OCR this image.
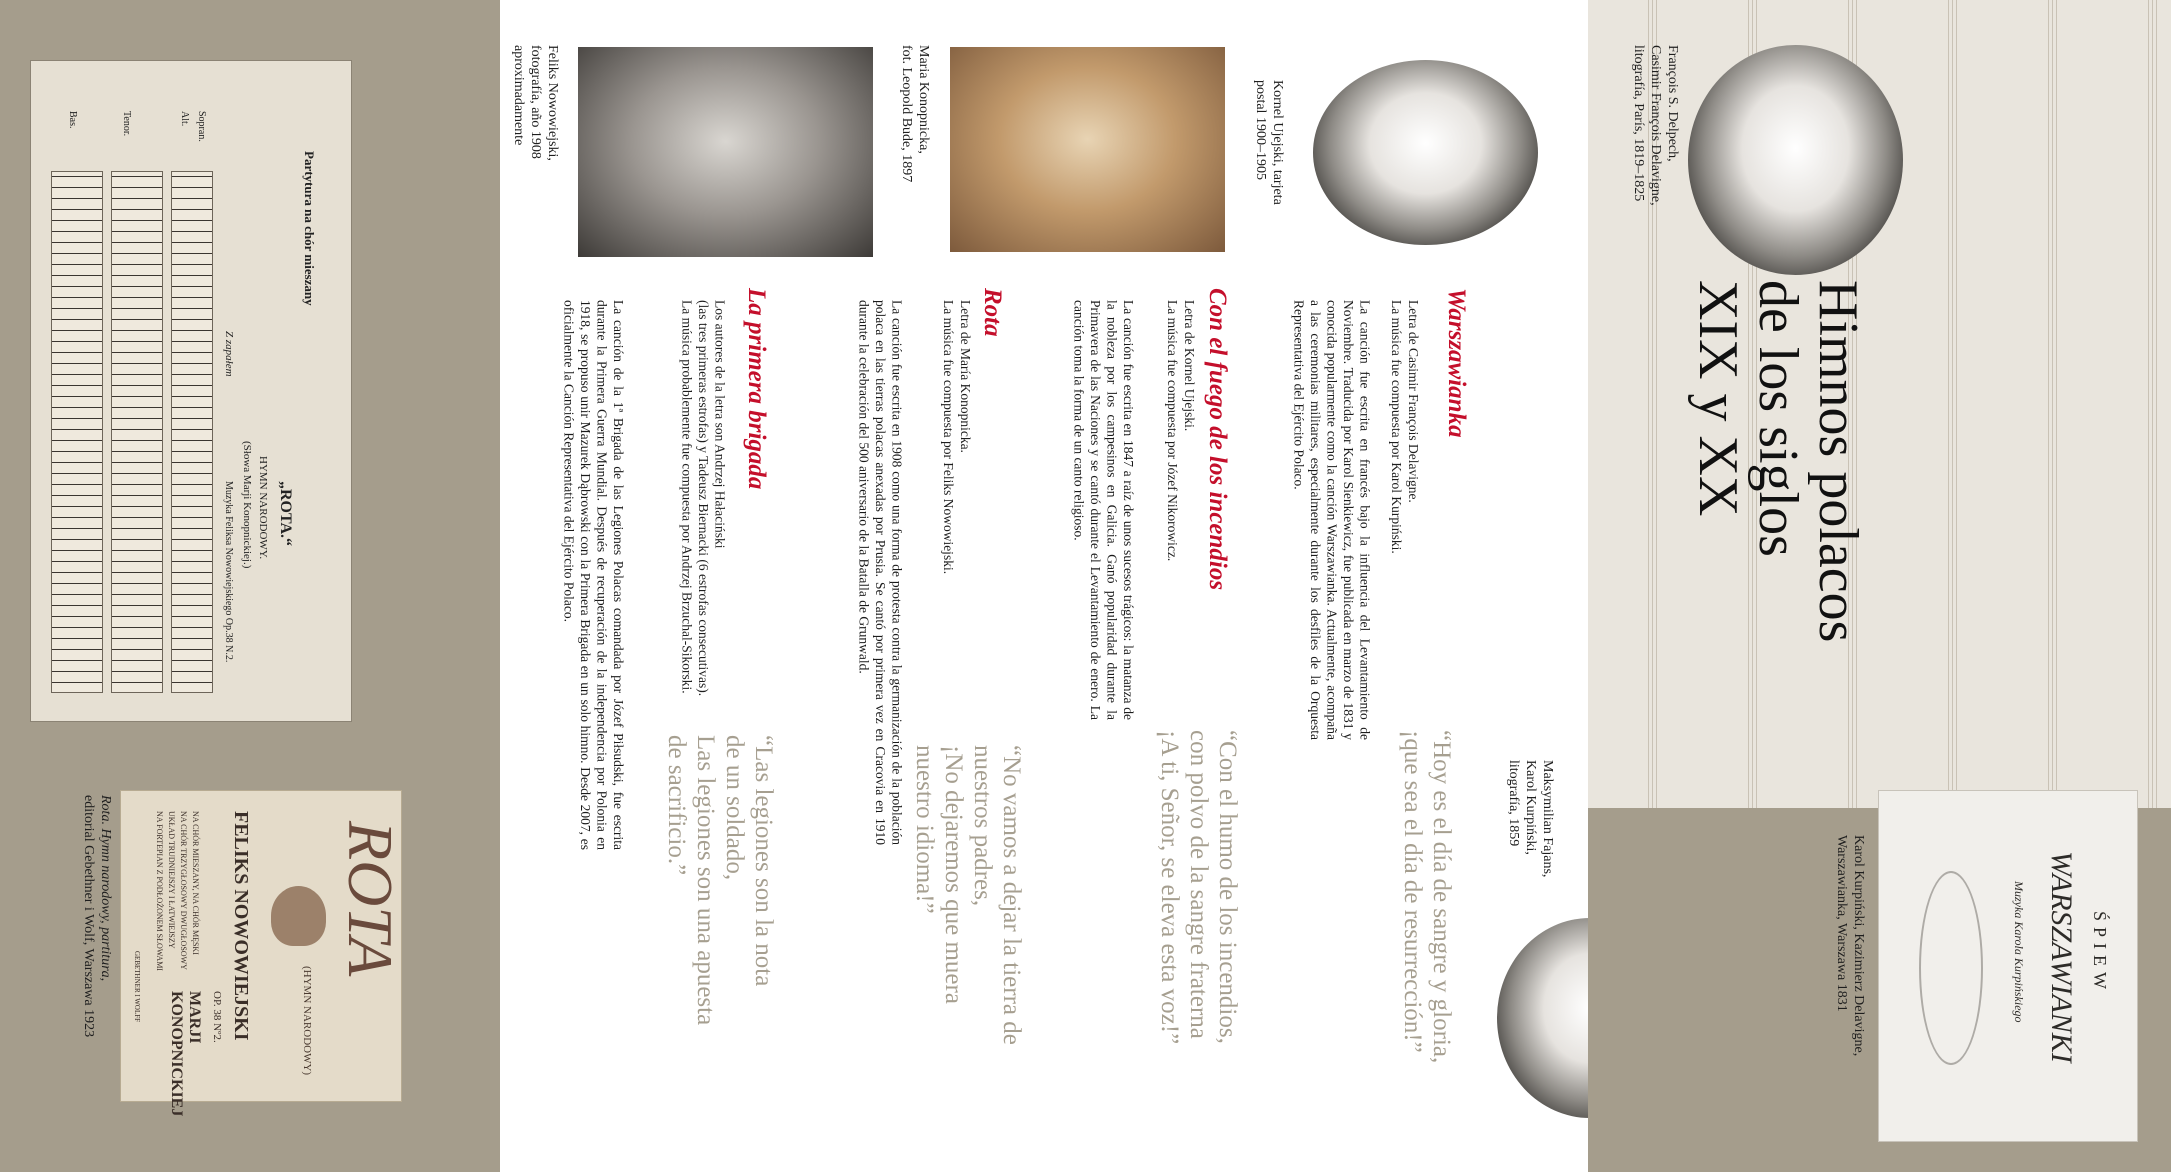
Partytura na chór mieszany
„ROTA.“
HYMN NARODOWY.
(Słowa Marji Konopnickiej.)
Z zapałem
Muzyka Feliksa Nowowiejskiego Op.38 N.2.
Sopran.
Alt.
Tenor.
Bas.
ROTA
(HYMN NARODOWY)
FELIKS NOWOWIEJSKI
OP. 38 Nº2.
NA CHÓR MIESZANY, NA CHÓR MĘSKI
NA CHÓR TRZYGŁOSOWY DWUGŁOSOWY
UKŁAD TRUDNIEJSZY I ŁATWIEJSZY
NA FORTEPIAN Z PODŁOŻONEM SŁOWAMI
MARJI KONOPNICKIEJ
GEBETHNER I WOLFF
Rota. Hymn narodowy, partitura,
editorial Gebethner i Wolf, Warszawa 1923
Feliks Nowowiejski,
fotografía, año 1908
aproximadamente	Maria Konopnicka,
fot. Leopold Bude, 1897	Kornel Ujejski, tarjeta
postal 1900–1905
Warszawianka
Letra de Casimir François Delavigne.
La música fue compuesta por Karol Kurpiński.
La canción fue escrita en francés bajo la influencia del Levantamiento de Noviembre. Traducida por Karol Sienkiewicz, fue publicada en marzo de 1831 y conocida popularmente como la canción Warszawianka. Actualmente, acompaña a las ceremonias militares, especialmente durante los desfiles de la Orquesta Representativa del Ejército Polaco.
“Hoy es el día de sangre y gloria,
¡que sea el día de resurrección!”
Con el fuego de los incendios
Letra de Kornel Ujejski.
La música fue compuesta por Józef Nikorowicz.
La canción fue escrita en 1847 a raíz de unos sucesos trágicos: la matanza de la nobleza por los campesinos en Galicia. Ganó popularidad durante la Primavera de las Naciones y se cantó durante el Levantamiento de enero. La canción toma la forma de un canto religioso.
“Con el humo de los incendios,
con polvo de la sangre fraterna
¡A ti, Señor, se eleva esta voz!”
Rota
Letra de María Konopnicka.
La música fue compuesta por Feliks Nowowiejski.
La canción fue escrita en 1908 como una forma de protesta contra la germanización de la población polaca en las tierras polacas anexadas por Prusia. Se cantó por primera vez en Cracovia en 1910 durante la celebración del 500 aniversario de la Batalla de Grunwald.
“No vamos a dejar la tierra de
nuestros padres,
¡No dejaremos que muera
nuestro idioma!”
La primera brigada
Los autores de la letra son Andrzej Hałaciński
(las tres primeras estrofas) y Tadeusz Biernacki (6 estrofas consecutivas).
La música probablemente fue compuesta por Andrzej Brzuchal-Sikorski.
La canción de la 1ª Brigada de las Legiones Polacas comandada por Józef Piłsudski, fue escrita durante la Primera Guerra Mundial. Después de recuperación de la independencia por Polonia en 1918, se propuso unir Mazurek Dąbrowski con la Primera Brigada en un solo himno. Desde 2007, es oficialmente la Canción Representativa del Ejército Polaco.
“Las legiones son la nota
de un soldado,
Las legiones son una apuesta
de sacrificio.”	Maksymilian Fajans,
Karol Kurpiński,
litografía, 1859
François S. Delpech,
Casimir François Delavigne,
litografía, París, 1819–1825
Himnos polacos
de los siglos
XIX y XX
ŚPIEW
WARSZAWIANKI
Muzyka Karola Kurpińskiego
Karol Kurpiński, Kazimierz Delavigne,
Warszawianka, Warszawa 1831
